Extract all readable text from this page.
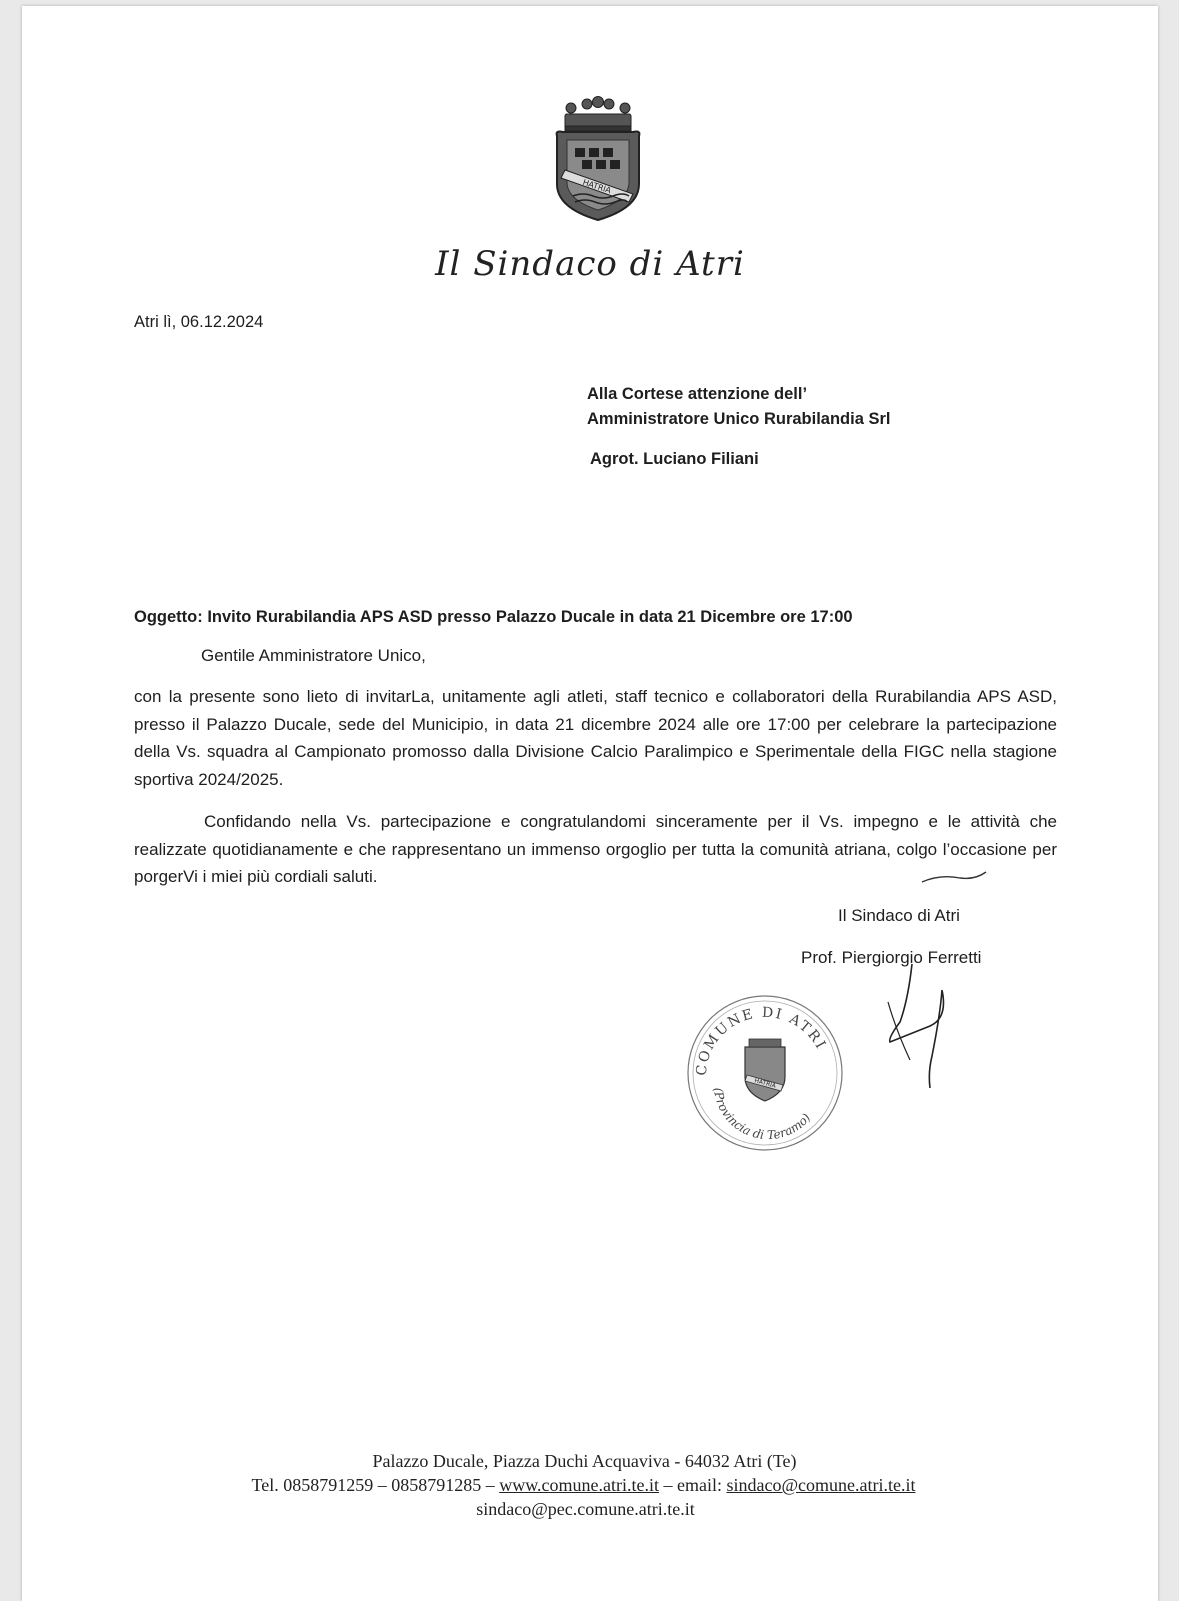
HATRIA
Il Sindaco di Atri
Atri lì, 06.12.2024
Alla Cortese attenzione dell’
Amministratore Unico Rurabilandia Srl
Agrot. Luciano Filiani
Oggetto: Invito Rurabilandia APS ASD presso Palazzo Ducale in data 21 Dicembre ore 17:00
Gentile Amministratore Unico,

con la presente sono lieto di invitarLa, unitamente agli atleti, staff tecnico e collaboratori della Rurabilandia APS ASD, presso il Palazzo Ducale, sede del Municipio, in data 21 dicembre 2024 alle ore 17:00 per celebrare la partecipazione della Vs. squadra al Campionato promosso dalla Divisione Calcio Paralimpico e Sperimentale della FIGC nella stagione sportiva 2024/2025.

Confidando nella Vs. partecipazione e congratulandomi sinceramente per il Vs. impegno e le attività che realizzate quotidianamente e che rappresentano un immenso orgoglio per tutta la comunità atriana, colgo l’occasione per porgerVi i miei più cordiali saluti.

Il Sindaco di Atri
Prof. Piergiorgio Ferretti
COMUNE DI ATRI
(Provincia di Teramo)
HATRIA
Palazzo Ducale, Piazza Duchi Acquaviva - 64032 Atri (Te)
Tel. 0858791259 – 0858791285 – www.comune.atri.te.it – email: sindaco@comune.atri.te.it
sindaco@pec.comune.atri.te.it
